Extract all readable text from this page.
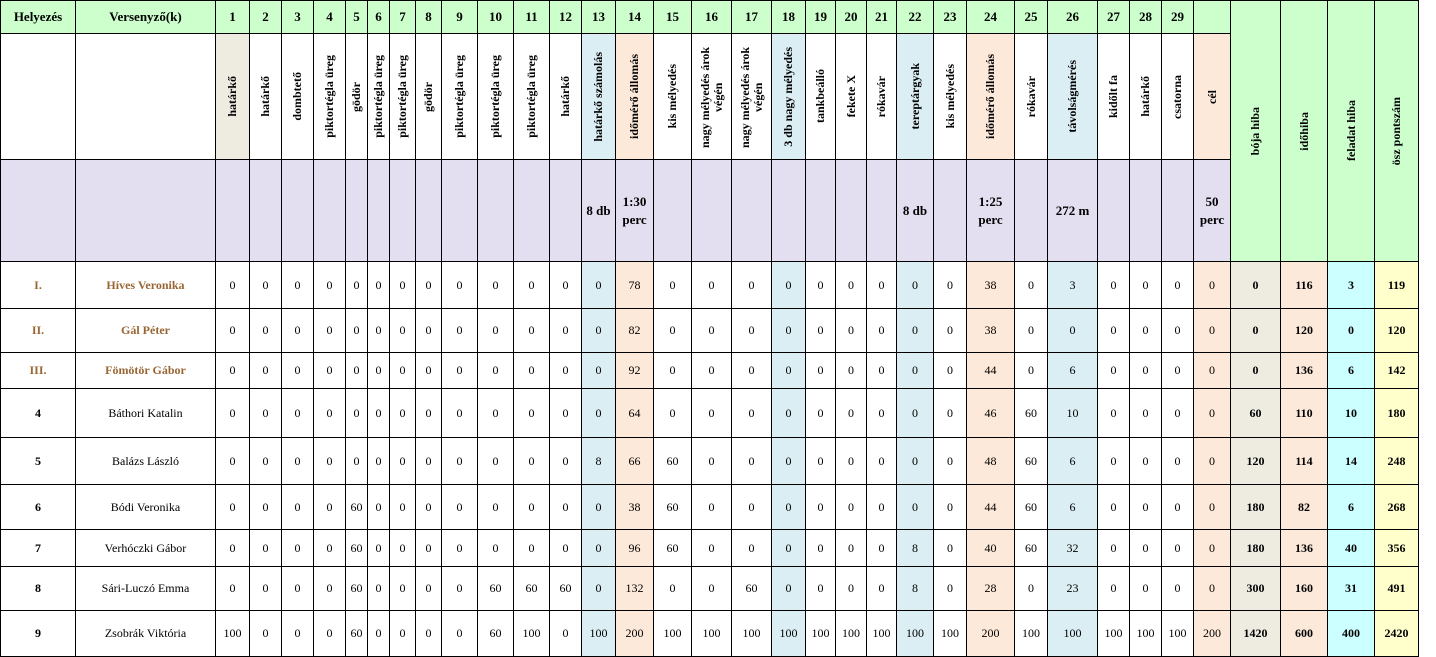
Helyezés	Versenyző(k)	1	2	3	4	5	6	7	8	9	10	11	12	13	14	15	16	17	18	19	20	21	22	23	24	25	26	27	28	29		bója hiba	időhiba	feladat hiba	ösz pontszám	

		határkő	határkő	dombtető	piktortégla üreg	gödör	piktortégla üreg	piktortégla üreg	gödör	piktortégla üreg	piktortégla üreg	piktortégla üreg	határkő	határkő számolás	időmérő állomás	kis mélyedés	nagy mélyedés árok végén	nagy mélyedés árok végén	3 db nagy mélyedés	tankbeálló	fekete X	rókavár	tereptárgyak	kis mélyedés	időmérő állomás	rókavár	távolságmérés	kidőlt fa	határkő	csatorna	cél					

														8 db	1:30 perc								8 db		1:25 perc		272 m				50 perc					
I.	Híves Veronika	0	0	0	0	0	0	0	0	0	0	0	0	0	78	0	0	0	0	0	0	0	0	0	38	0	3	0	0	0	0	0	116	3	119	
II.	Gál Péter	0	0	0	0	0	0	0	0	0	0	0	0	0	82	0	0	0	0	0	0	0	0	0	38	0	0	0	0	0	0	0	120	0	120	
III.	Fömötör Gábor	0	0	0	0	0	0	0	0	0	0	0	0	0	92	0	0	0	0	0	0	0	0	0	44	0	6	0	0	0	0	0	136	6	142	
4	Báthori Katalin	0	0	0	0	0	0	0	0	0	0	0	0	0	64	0	0	0	0	0	0	0	0	0	46	60	10	0	0	0	0	60	110	10	180	
5	Balázs László	0	0	0	0	0	0	0	0	0	0	0	0	8	66	60	0	0	0	0	0	0	0	0	48	60	6	0	0	0	0	120	114	14	248	
6	Bódi Veronika	0	0	0	0	60	0	0	0	0	0	0	0	0	38	60	0	0	0	0	0	0	0	0	44	60	6	0	0	0	0	180	82	6	268	
7	Verhóczki Gábor	0	0	0	0	60	0	0	0	0	0	0	0	0	96	60	0	0	0	0	0	0	8	0	40	60	32	0	0	0	0	180	136	40	356	
8	Sári-Luczó Emma	0	0	0	0	60	0	0	0	0	60	60	60	0	132	0	0	60	0	0	0	0	8	0	28	0	23	0	0	0	0	300	160	31	491	
9	Zsobrák Viktória	100	0	0	0	60	0	0	0	0	60	100	0	100	200	100	100	100	100	100	100	100	100	100	200	100	100	100	100	100	200	1420	600	400	2420	
